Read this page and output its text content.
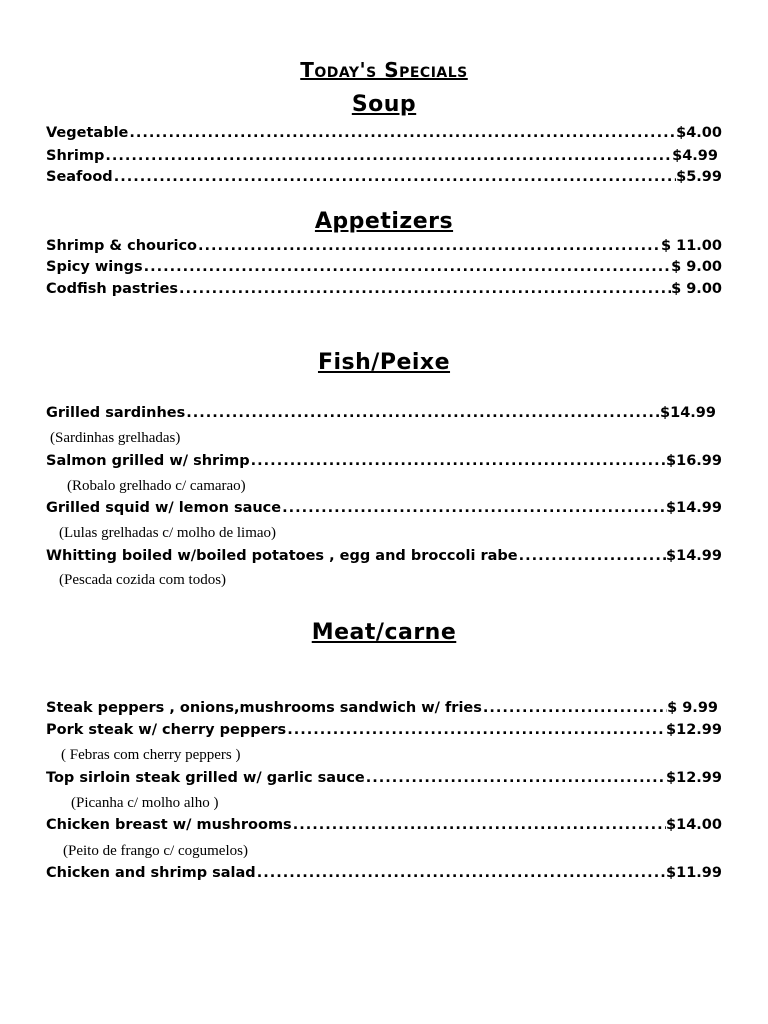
Today's Specials
Soup
Vegetable .....	$4.00
Shrimp .....	$4.99
Seafood .....	$5.99
Appetizers
Shrimp & chourico .....	$ 11.00
Spicy wings .....	$ 9.00
Codfish pastries .....	$ 9.00
Fish/Peixe
Grilled sardinhes .....	$14.99
(Sardinhas grelhadas)
Salmon grilled w/ shrimp .....	$16.99
(Robalo grelhado c/ camarao)
Grilled squid w/ lemon sauce .....	$14.99
(Lulas grelhadas c/ molho de limao)
Whitting boiled w/boiled potatoes , egg and broccoli rabe .....	$14.99
(Pescada cozida com todos)
Meat/carne
Steak peppers , onions,mushrooms sandwich w/ fries .....	$ 9.99
Pork steak w/ cherry peppers .....	$12.99
( Febras com cherry peppers )
Top sirloin steak grilled w/ garlic sauce .....	$12.99
(Picanha c/ molho alho )
Chicken breast w/ mushrooms .....	$14.00
(Peito de frango c/ cogumelos)
Chicken and shrimp salad .....	$11.99
